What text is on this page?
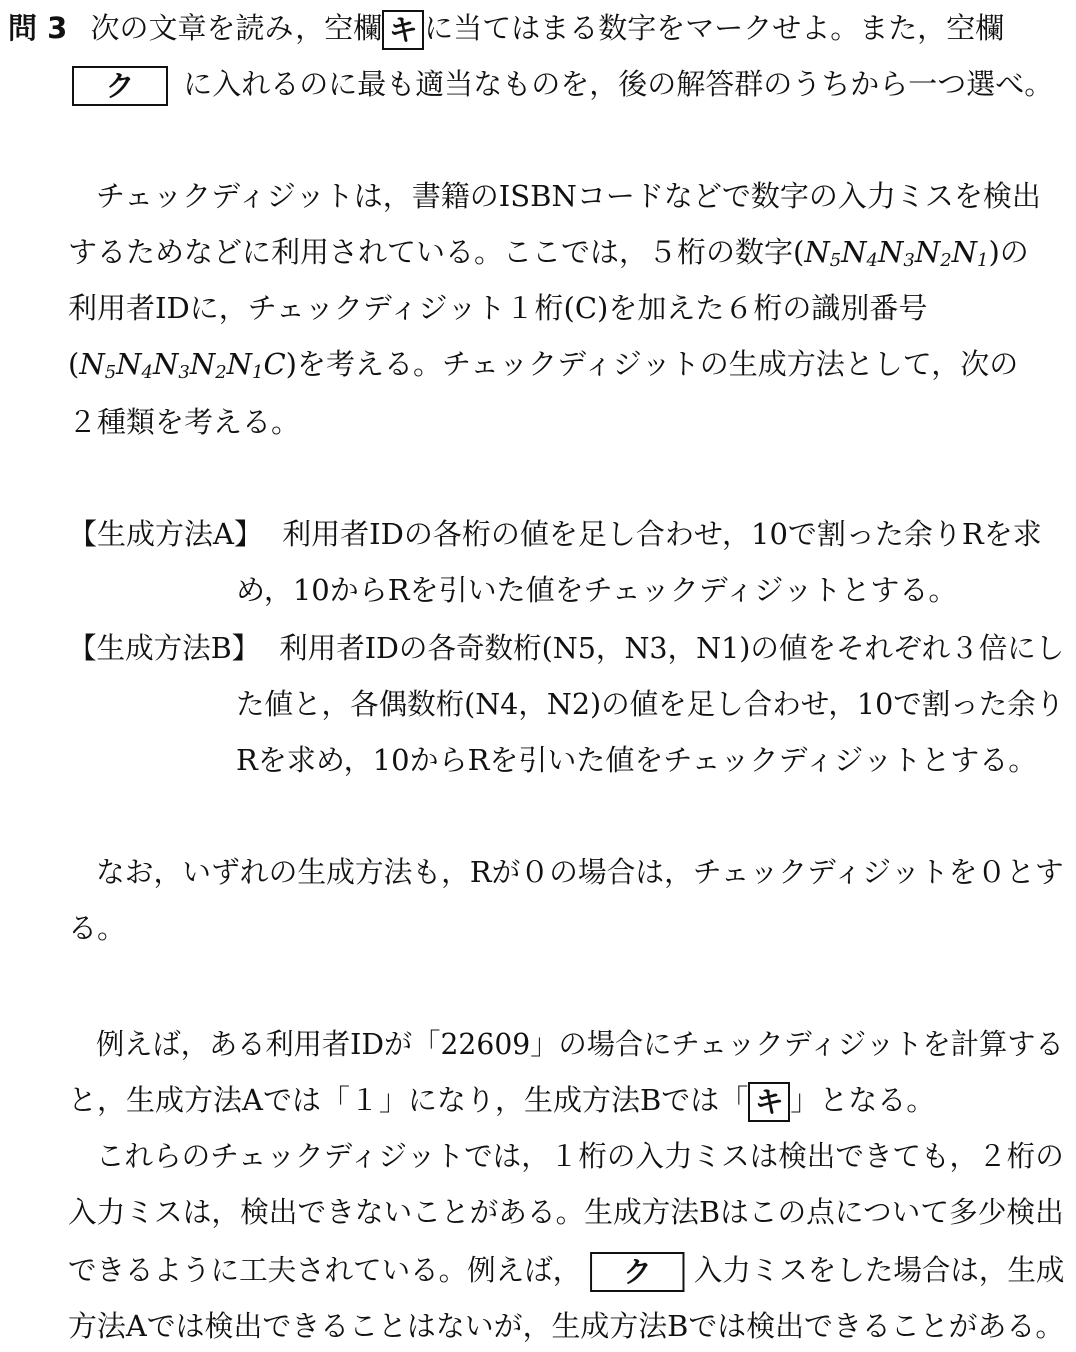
問 3 次の文章を読み，空欄 キ に当てはまる数字をマークせよ。また，空欄
ク に入れるのに最も適当なものを，後の解答群のうちから一つ選べ。
チェックディジットは，書籍のISBNコードなどで数字の入力ミスを検出
するためなどに利用されている。ここでは，５桁の数字$(N_5N_4N_3N_2N_1)$の
利用者IDに，チェックディジット１桁(C)を加えた６桁の識別番号
$(N_5N_4N_3N_2N_1C)$を考える。チェックディジットの生成方法として，次の
２種類を考える。
【生成方法A】 利用者IDの各桁の値を足し合わせ，10で割った余りRを求
め，10からRを引いた値をチェックディジットとする。
【生成方法B】 利用者IDの各奇数桁(N5，N3，N1)の値をそれぞれ３倍にし
た値と，各偶数桁(N4，N2)の値を足し合わせ，10で割った余り
Rを求め，10からRを引いた値をチェックディジットとする。
なお，いずれの生成方法も，Rが０の場合は，チェックディジットを０とす
る。
例えば，ある利用者IDが「22609」の場合にチェックディジットを計算する
と，生成方法Aでは「１」になり，生成方法Bでは「 キ 」となる。
これらのチェックディジットでは，１桁の入力ミスは検出できても，２桁の
入力ミスは，検出できないことがある。生成方法Bはこの点について多少検出
できるように工夫されている。例えば， ク 入力ミスをした場合は，生成
方法Aでは検出できることはないが，生成方法Bでは検出できることがある。
